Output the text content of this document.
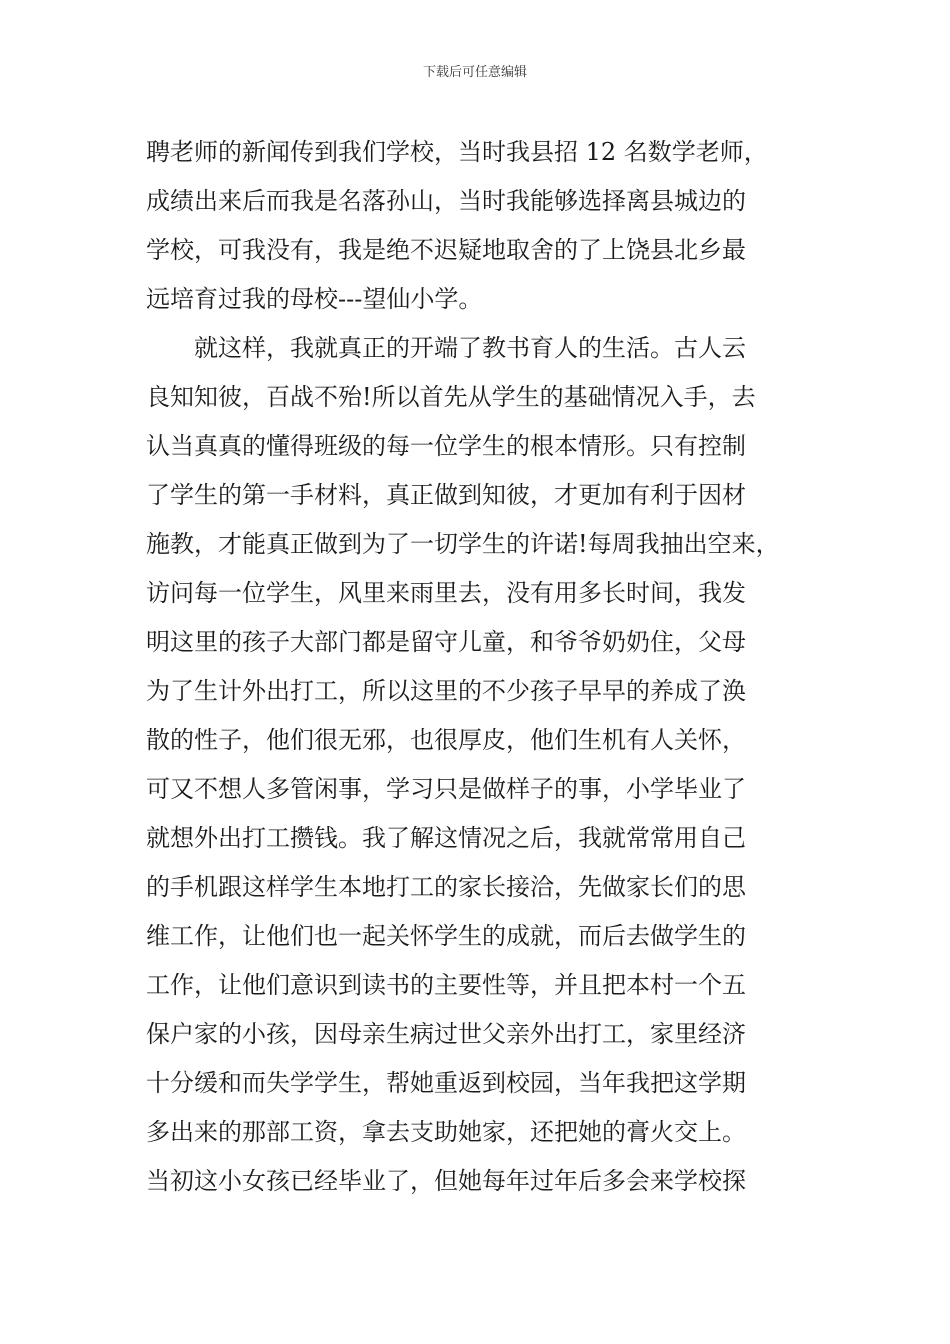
下载后可任意编辑
聘老师的新闻传到我们学校，当时我县招 12 名数学老师，
成绩出来后而我是名落孙山，当时我能够选择离县城边的
学校，可我没有，我是绝不迟疑地取舍的了上饶县北乡最
远培育过我的母校---望仙小学。
就这样，我就真正的开端了教书育人的生活。古人云
良知知彼，百战不殆!所以首先从学生的基础情况入手，去
认当真真的懂得班级的每一位学生的根本情形。只有控制
了学生的第一手材料，真正做到知彼，才更加有利于因材
施教，才能真正做到为了一切学生的许诺!每周我抽出空来，
访问每一位学生，风里来雨里去，没有用多长时间，我发
明这里的孩子大部门都是留守儿童，和爷爷奶奶住，父母
为了生计外出打工，所以这里的不少孩子早早的养成了涣
散的性子，他们很无邪，也很厚皮，他们生机有人关怀，
可又不想人多管闲事，学习只是做样子的事，小学毕业了
就想外出打工攒钱。我了解这情况之后，我就常常用自己
的手机跟这样学生本地打工的家长接洽，先做家长们的思
维工作，让他们也一起关怀学生的成就，而后去做学生的
工作，让他们意识到读书的主要性等，并且把本村一个五
保户家的小孩，因母亲生病过世父亲外出打工，家里经济
十分缓和而失学学生，帮她重返到校园，当年我把这学期
多出来的那部工资，拿去支助她家，还把她的膏火交上。
当初这小女孩已经毕业了，但她每年过年后多会来学校探
